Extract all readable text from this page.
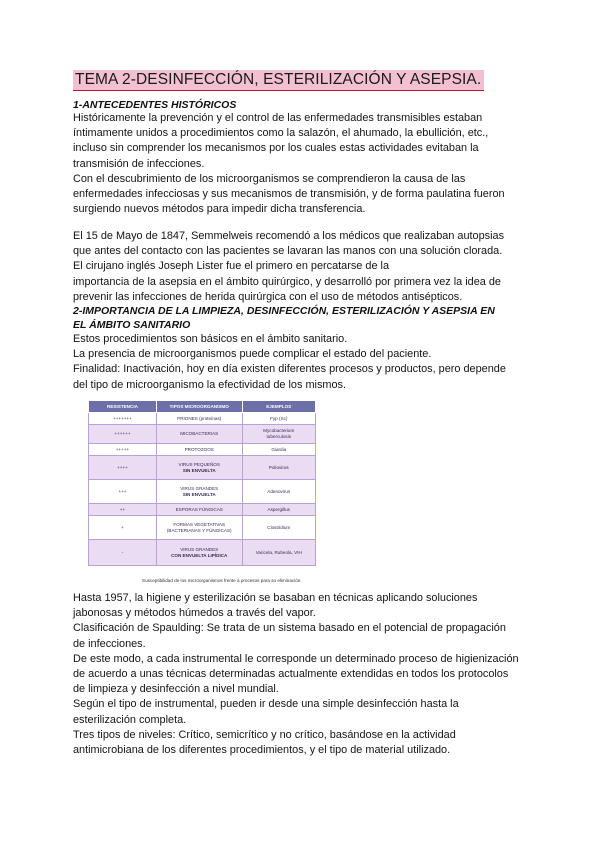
TEMA 2-DESINFECCIÓN, ESTERILIZACIÓN Y ASEPSIA.
1-ANTECEDENTES HISTÓRICOS
Históricamente la prevención y el control de las enfermedades transmisibles estaban
íntimamente unidos a procedimientos como la salazón, el ahumado, la ebullición, etc.,
incluso sin comprender los mecanismos por los cuales estas actividades evitaban la
transmisión de infecciones.
Con el descubrimiento de los microorganismos se comprendieron la causa de las
enfermedades infecciosas y sus mecanismos de transmisión, y de forma paulatina fueron
surgiendo nuevos métodos para impedir dicha transferencia.
El 15 de Mayo de 1847, Semmelweis recomendó a los médicos que realizaban autopsias
que antes del contacto con las pacientes se lavaran las manos con una solución clorada.
El cirujano inglés Joseph Lister fue el primero en percatarse de la
importancia de la asepsia en el ámbito quirúrgico, y desarrolló por primera vez la idea de
prevenir las infecciones de herida quirúrgica con el uso de métodos antisépticos.
2-IMPORTANCIA DE LA LIMPIEZA, DESINFECCIÓN, ESTERILIZACIÓN Y ASEPSIA EN
EL ÁMBITO SANITARIO
Estos procedimientos son básicos en el ámbito sanitario.
La presencia de microorganismos puede complicar el estado del paciente.
Finalidad: Inactivación, hoy en día existen diferentes procesos y productos, pero depende
del tipo de microorganismo la efectividad de los mismos.
RESISTENCIA	TIPOS MICROORGANISMO	EJEMPLOS
+++++++	PRIONES (proteínas)	Fyp (Sc)
++++++	MICOBACTERIAS	Mycobacterium
tuberculosis

+++++	PROTOZOOS	Giardia
++++	VIRUS PEQUEÑOS
SIN ENVUELTA	Poliovirus
+++	VIRUS GRANDES
SIN ENVUELTA	Adenovirus
++	ESPORAS FÚNGICAS	Aspergillus
+	FORMAS VEGETATIVAS
(BACTERIANAS Y FÚNGICAS)	Clostridium
-	VIRUS GRANDES
CON ENVUELTA LIPÍDICA	Varicela, Rubeola, VIH
Susceptibilidad de los microorganismos frente a procesos para su eliminación.
Hasta 1957, la higiene y esterilización se basaban en técnicas aplicando soluciones
jabonosas y métodos húmedos a través del vapor.
Clasificación de Spaulding: Se trata de un sistema basado en el potencial de propagación
de infecciones.
De este modo, a cada instrumental le corresponde un determinado proceso de higienización
de acuerdo a unas técnicas determinadas actualmente extendidas en todos los protocolos
de limpieza y desinfección a nivel mundial.
Según el tipo de instrumental, pueden ir desde una simple desinfección hasta la
esterilización completa.
Tres tipos de niveles: Crítico, semicrítico y no crítico, basándose en la actividad
antimicrobiana de los diferentes procedimientos, y el tipo de material utilizado.
